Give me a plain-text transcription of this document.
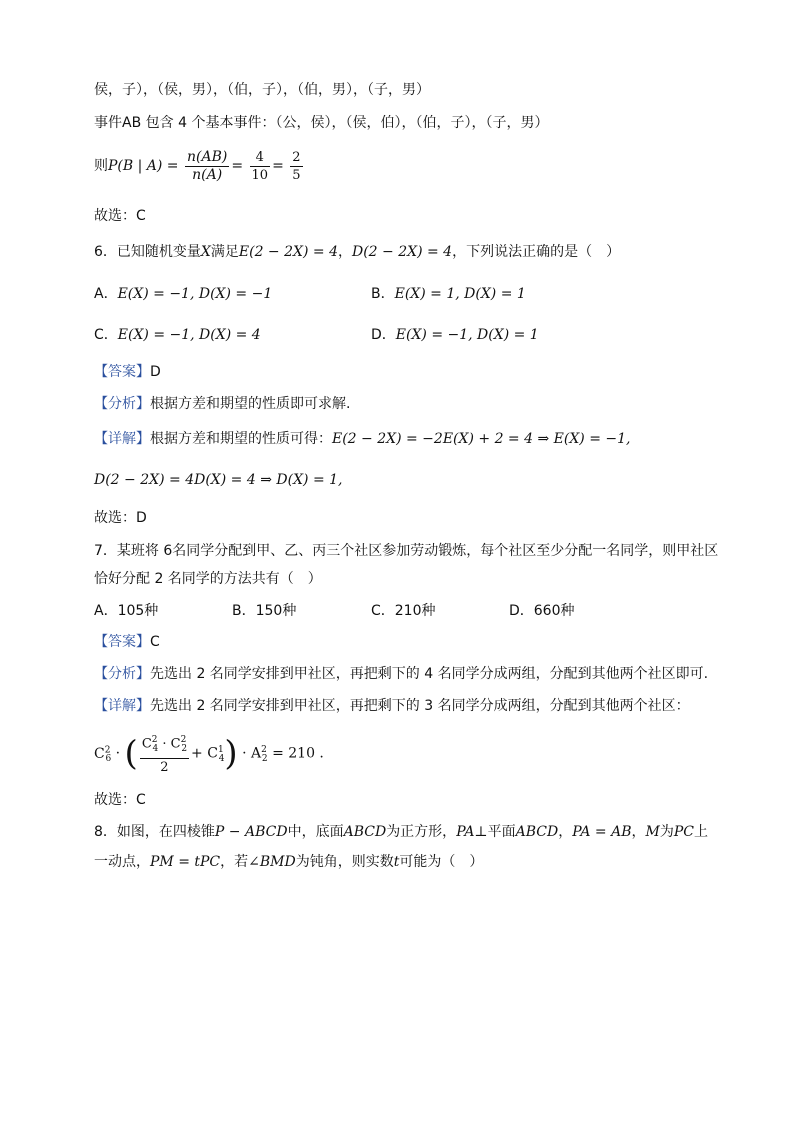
侯，子），（侯，男），（伯，子），（伯，男），（子，男）
事件AB 包含 4 个基本事件：（公，侯），（侯，伯），（伯，子），（子，男）
则P(B | $A) = \frac{n(AB)}{n(A)} = \frac{4}{10} = \frac{2}{5}$
故选：C
6．已知随机变量X满足E(2 − 2X) = 4，D(2 − 2X) = 4，下列说法正确的是（　）
A．E(X) = −1, D(X) = −1	B．E(X) = 1, D(X) = 1
C．E(X) = −1, D(X) = 4	D．E(X) = −1, D(X) = 1
【答案】D
【分析】根据方差和期望的性质即可求解.
【详解】根据方差和期望的性质可得：E(2 − 2X) = −2E(X) + 2 = 4 ⇒ E(X) = −1,
D(2 − 2X) = 4D(X) = 4 ⇒ D(X) = 1,
故选：D
7．某班将 6名同学分配到甲、乙、丙三个社区参加劳动锻炼，每个社区至少分配一名同学，则甲社区
恰好分配 2 名同学的方法共有（　）
A．105种	B．150种	C．210种	D．660种
【答案】C
【分析】先选出 2 名同学安排到甲社区，再把剩下的 4 名同学分成两组，分配到其他两个社区即可.
【详解】先选出 2 名同学安排到甲社区，再把剩下的 3 名同学分成两组，分配到其他两个社区：
$C^2_6$ · ( $\frac{C^2_4 \cdot C^2_2}{2} + C^1_4) \cdot A^2_2 = 210$ .
故选：C
8．如图，在四棱锥P − ABCD中，底面ABCD为正方形，PA⊥平面ABCD，PA = AB，M为PC上
一动点，PM = tPC，若∠BMD为钝角，则实数t可能为（　）
